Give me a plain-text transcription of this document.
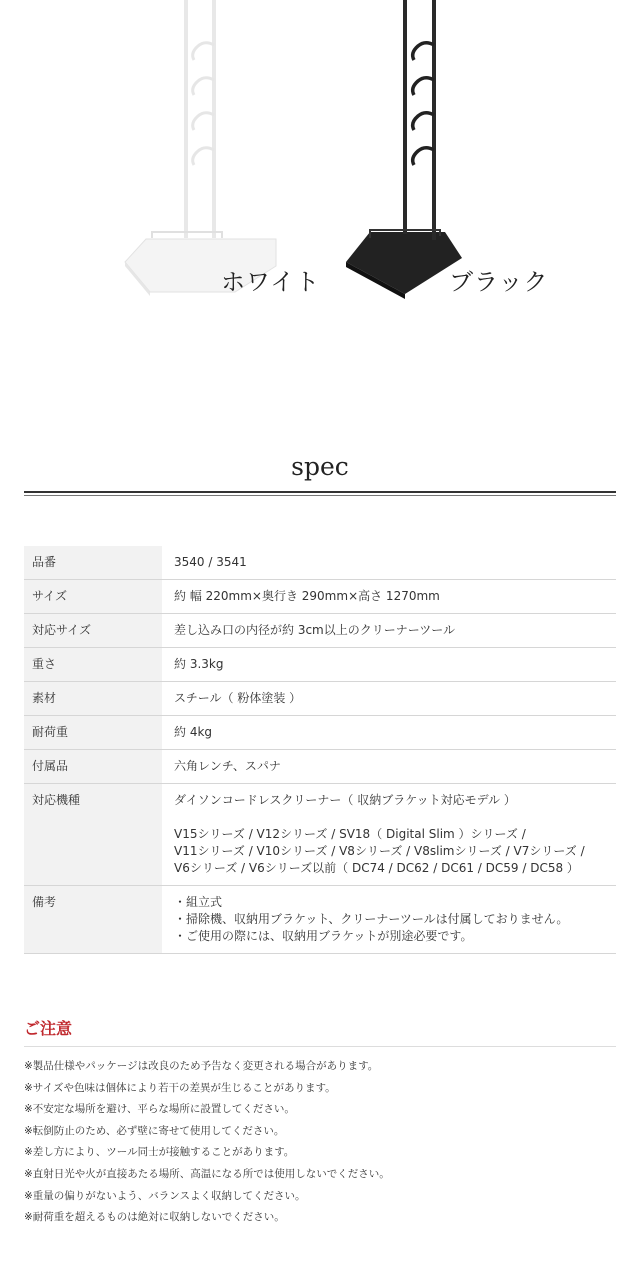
ホワイト	ブラック
spec
品番	3540 / 3541
サイズ	約 幅 220mm×奥行き 290mm×高さ 1270mm
対応サイズ	差し込み口の内径が約 3cm以上のクリーナーツール
重さ	約 3.3kg
素材	スチール（ 粉体塗装 ）
耐荷重	約 4kg
付属品	六角レンチ、スパナ
対応機種	ダイソンコードレスクリーナー（ 収納ブラケット対応モデル ）
V15シリーズ / V12シリーズ / SV18（ Digital Slim ）シリーズ /
V11シリーズ / V10シリーズ / V8シリーズ / V8slimシリーズ / V7シリーズ /
V6シリーズ / V6シリーズ以前（ DC74 / DC62 / DC61 / DC59 / DC58 ）

備考	・組立式
・掃除機、収納用ブラケット、クリーナーツールは付属しておりません。
・ご使用の際には、収納用ブラケットが別途必要です。
ご注意
※製品仕様やパッケージは改良のため予告なく変更される場合があります。
※サイズや色味は個体により若干の差異が生じることがあります。
※不安定な場所を避け、平らな場所に設置してください。
※転倒防止のため、必ず壁に寄せて使用してください。
※差し方により、ツール同士が接触することがあります。
※直射日光や火が直接あたる場所、高温になる所では使用しないでください。
※重量の偏りがないよう、バランスよく収納してください。
※耐荷重を超えるものは絶対に収納しないでください。
